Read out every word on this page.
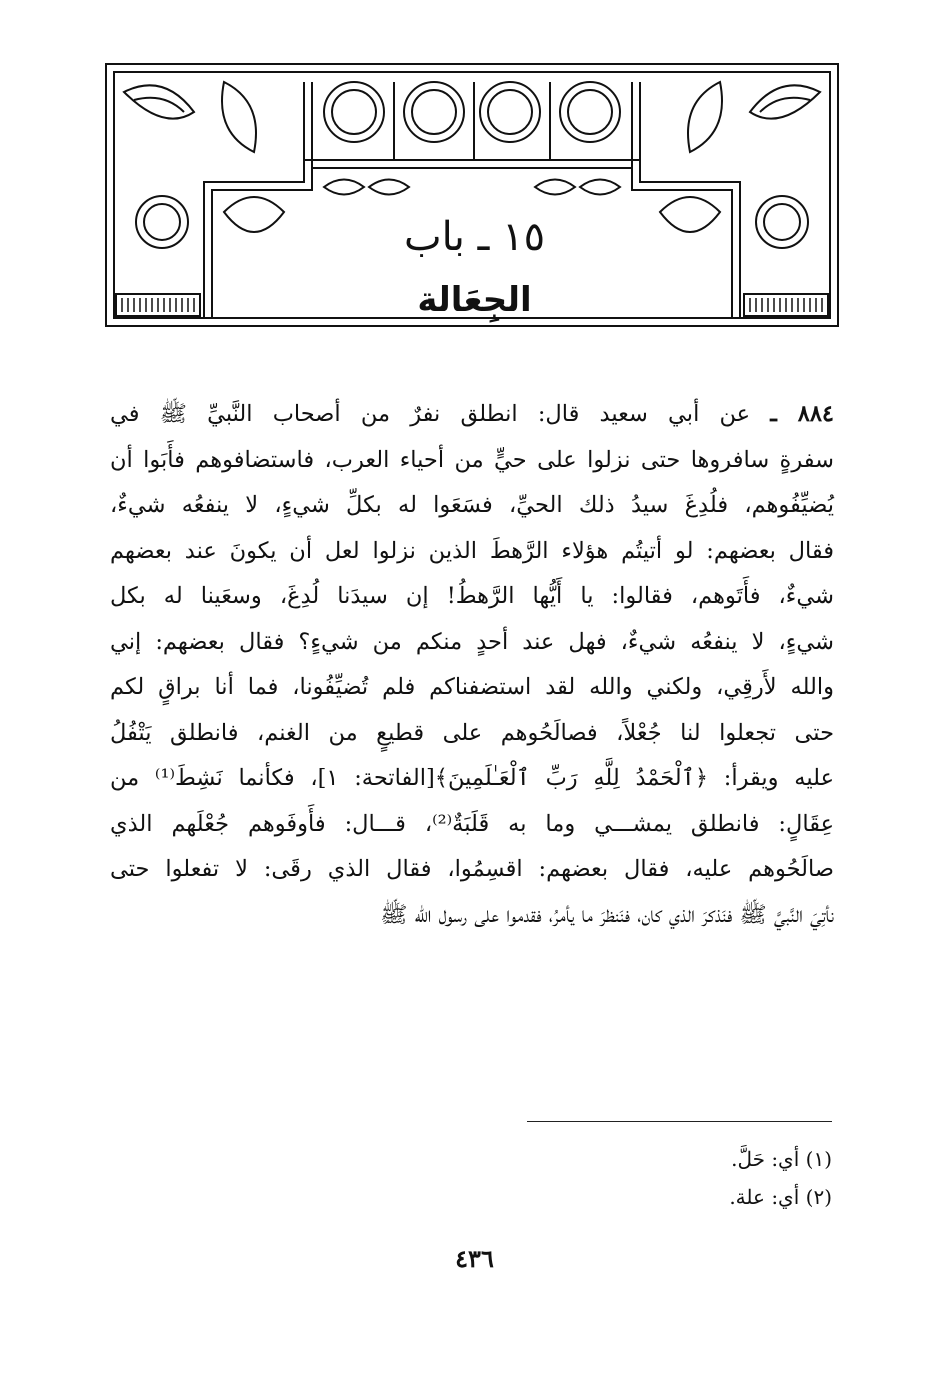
١٥ ـ باب
الجِعَالة
٨٨٤ ـ عن أبي سعيد قال: انطلق نفرٌ من أصحاب النَّبيِّ ﷺ في
سفرةٍ سافروها حتى نزلوا على حيٍّ من أحياء العرب، فاستضافوهم فأَبَوا أن
يُضيِّفُوهم، فلُدِغَ سيدُ ذلك الحيِّ، فسَعَوا له بكلِّ شيءٍ، لا ينفعُه شيءٌ،
فقال بعضهم: لو أتيتُم هؤلاء الرَّهطَ الذين نزلوا لعل أن يكونَ عند بعضهم
شيءٌ، فأَتَوهم، فقالوا: يا أَيُّها الرَّهطُ! إن سيدَنا لُدِغَ، وسعَينا له بكل
شيءٍ، لا ينفعُه شيءٌ، فهل عند أحدٍ منكم من شيءٍ؟ فقال بعضهم: إني
والله لأَرقِي، ولكني والله لقد استضفناكم فلم تُضيِّفُونا، فما أنا براقٍ لكم
حتى تجعلوا لنا جُعْلاً، فصالَحُوهم على قطيعٍ من الغنم، فانطلق يَتْفُلُ
عليه ويقرأ: ﴿ٱلْحَمْدُ لِلَّهِ رَبِّ ٱلْعَـٰلَمِينَ﴾[الفاتحة: ١]، فكأنما نَشِطَ⁽¹⁾ من
عِقَالٍ: فانطلق يمشـــي وما به قَلَبَةٌ⁽²⁾، قـــال: فأَوفَوهم جُعْلَهم الذي
صالَحُوهم عليه، فقال بعضهم: اقسِمُوا، فقال الذي رقَى: لا تفعلوا حتى
نأتِيَ النَّبيَّ ﷺ فنَذكرَ الذي كان، فنَنظرَ ما يأمرُ، فقدموا على رسول الله ﷺ
(١) أي: حَلَّ.
(٢) أي: علة.
٤٣٦
